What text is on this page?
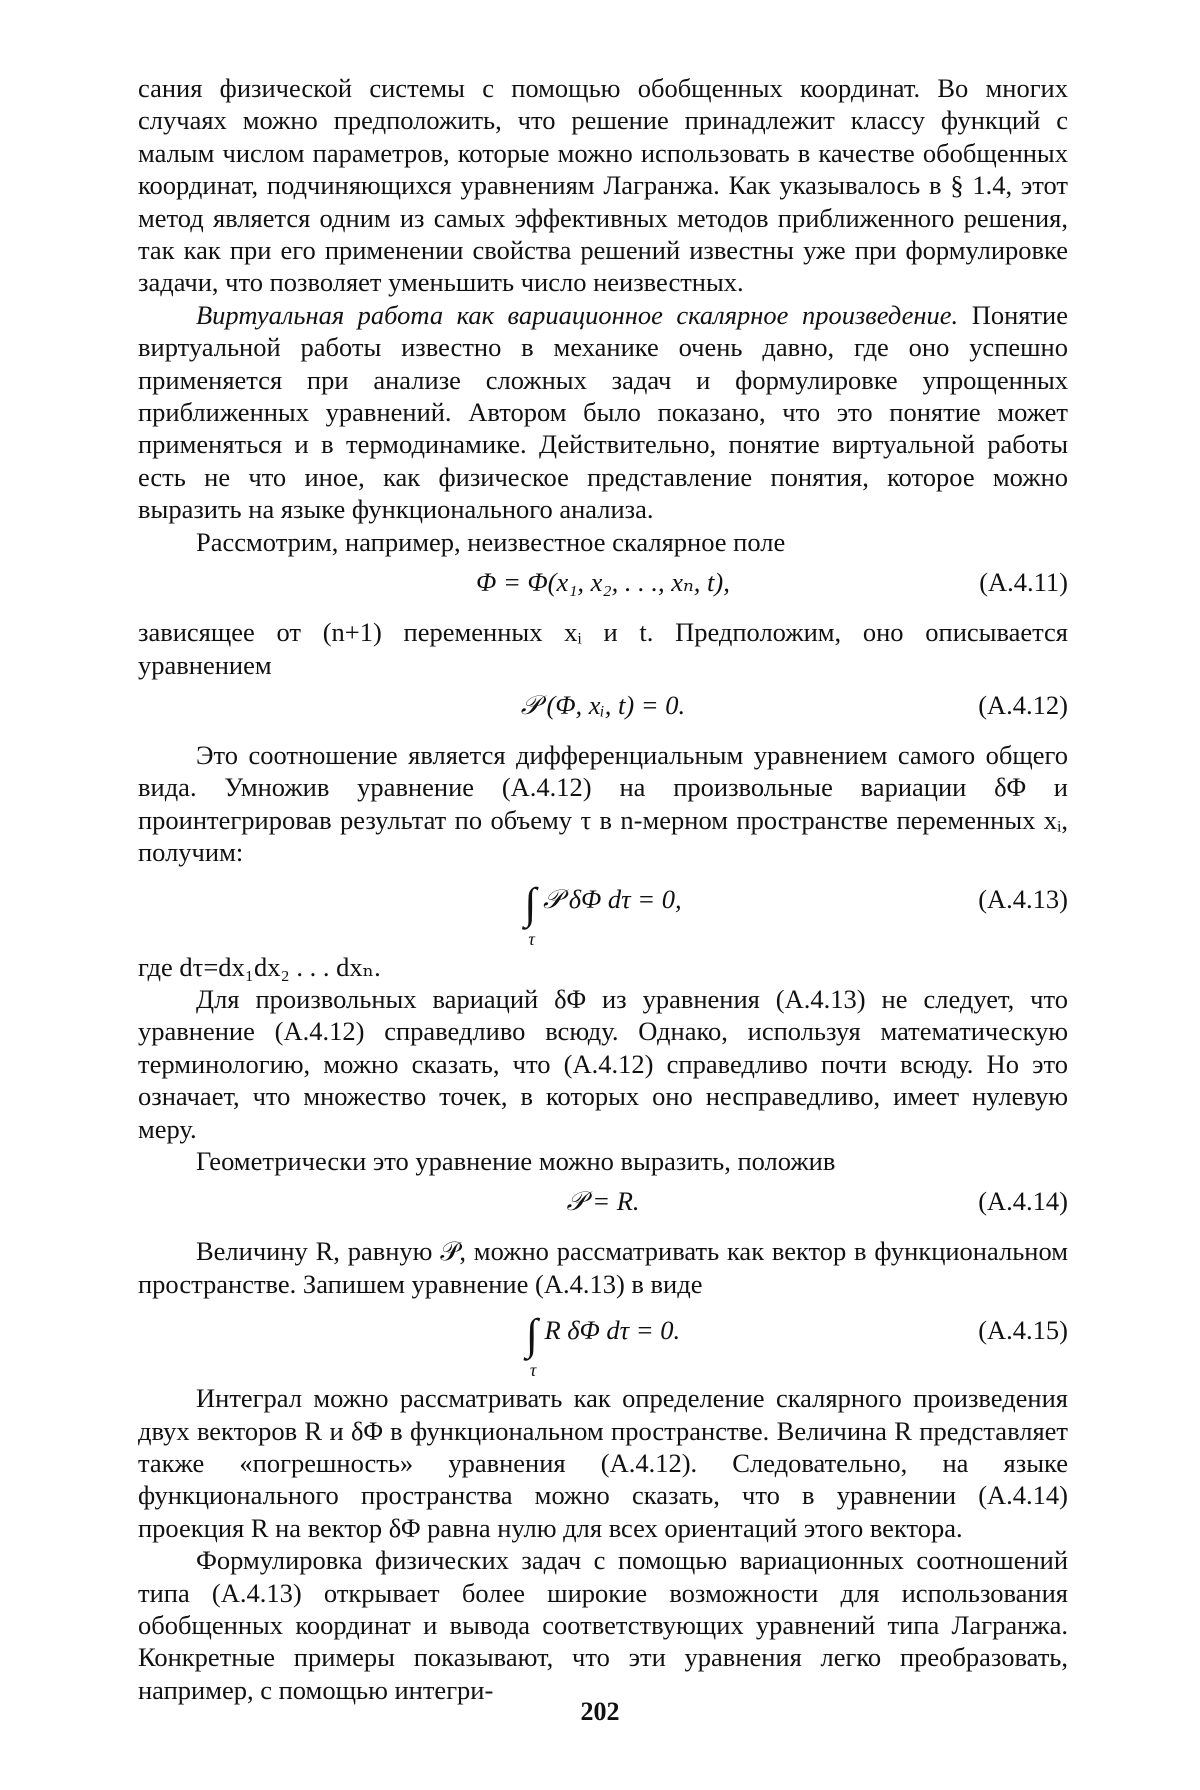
сания физической системы с помощью обобщенных координат. Во многих случаях можно предположить, что решение принадлежит классу функций с малым числом параметров, которые можно использовать в качестве обобщенных координат, подчиняющихся уравнениям Лагранжа. Как указывалось в § 1.4, этот метод является одним из самых эффективных методов приближенного решения, так как при его применении свойства решений известны уже при формулировке задачи, что позволяет уменьшить число неизвестных.

Виртуальная работа как вариационное скалярное произведение. Понятие виртуальной работы известно в механике очень давно, где оно успешно применяется при анализе сложных задач и формулировке упрощенных приближенных уравнений. Автором было показано, что это понятие может применяться и в термодинамике. Действительно, понятие виртуальной работы есть не что иное, как физическое представление понятия, которое можно выразить на языке функционального анализа.

Рассмотрим, например, неизвестное скалярное поле

Φ = Φ(x₁, x₂, . . ., xₙ, t),	(A.4.11)

зависящее от (n+1) переменных xᵢ и t. Предположим, оно описывается уравнением

𝒫 (Φ, xᵢ, t) = 0.	(A.4.12)

Это соотношение является дифференциальным уравнением самого общего вида. Умножив уравнение (A.4.12) на произвольные вариации δΦ и проинтегрировав результат по объему τ в n-мерном пространстве переменных xᵢ, получим:

∫
τ
𝒫 δΦ dτ = 0,	(A.4.13)

где dτ=dx₁dx₂ . . . dxₙ.

Для произвольных вариаций δΦ из уравнения (A.4.13) не следует, что уравнение (A.4.12) справедливо всюду. Однако, используя математическую терминологию, можно сказать, что (A.4.12) справедливо почти всюду. Но это означает, что множество точек, в которых оно несправедливо, имеет нулевую меру.

Геометрически это уравнение можно выразить, положив

𝒫 = R.	(A.4.14)

Величину R, равную 𝒫, можно рассматривать как вектор в функциональном пространстве. Запишем уравнение (A.4.13) в виде

∫
τ
R δΦ dτ = 0.	(A.4.15)

Интеграл можно рассматривать как определение скалярного произведения двух векторов R и δΦ в функциональном пространстве. Величина R представляет также «погрешность» уравнения (A.4.12). Следовательно, на языке функционального пространства можно сказать, что в уравнении (A.4.14) проекция R на вектор δΦ равна нулю для всех ориентаций этого вектора.

Формулировка физических задач с помощью вариационных соотношений типа (A.4.13) открывает более широкие возможности для использования обобщенных координат и вывода соответствующих уравнений типа Лагранжа. Конкретные примеры показывают, что эти уравнения легко преобразовать, например, с помощью интегри-

202
